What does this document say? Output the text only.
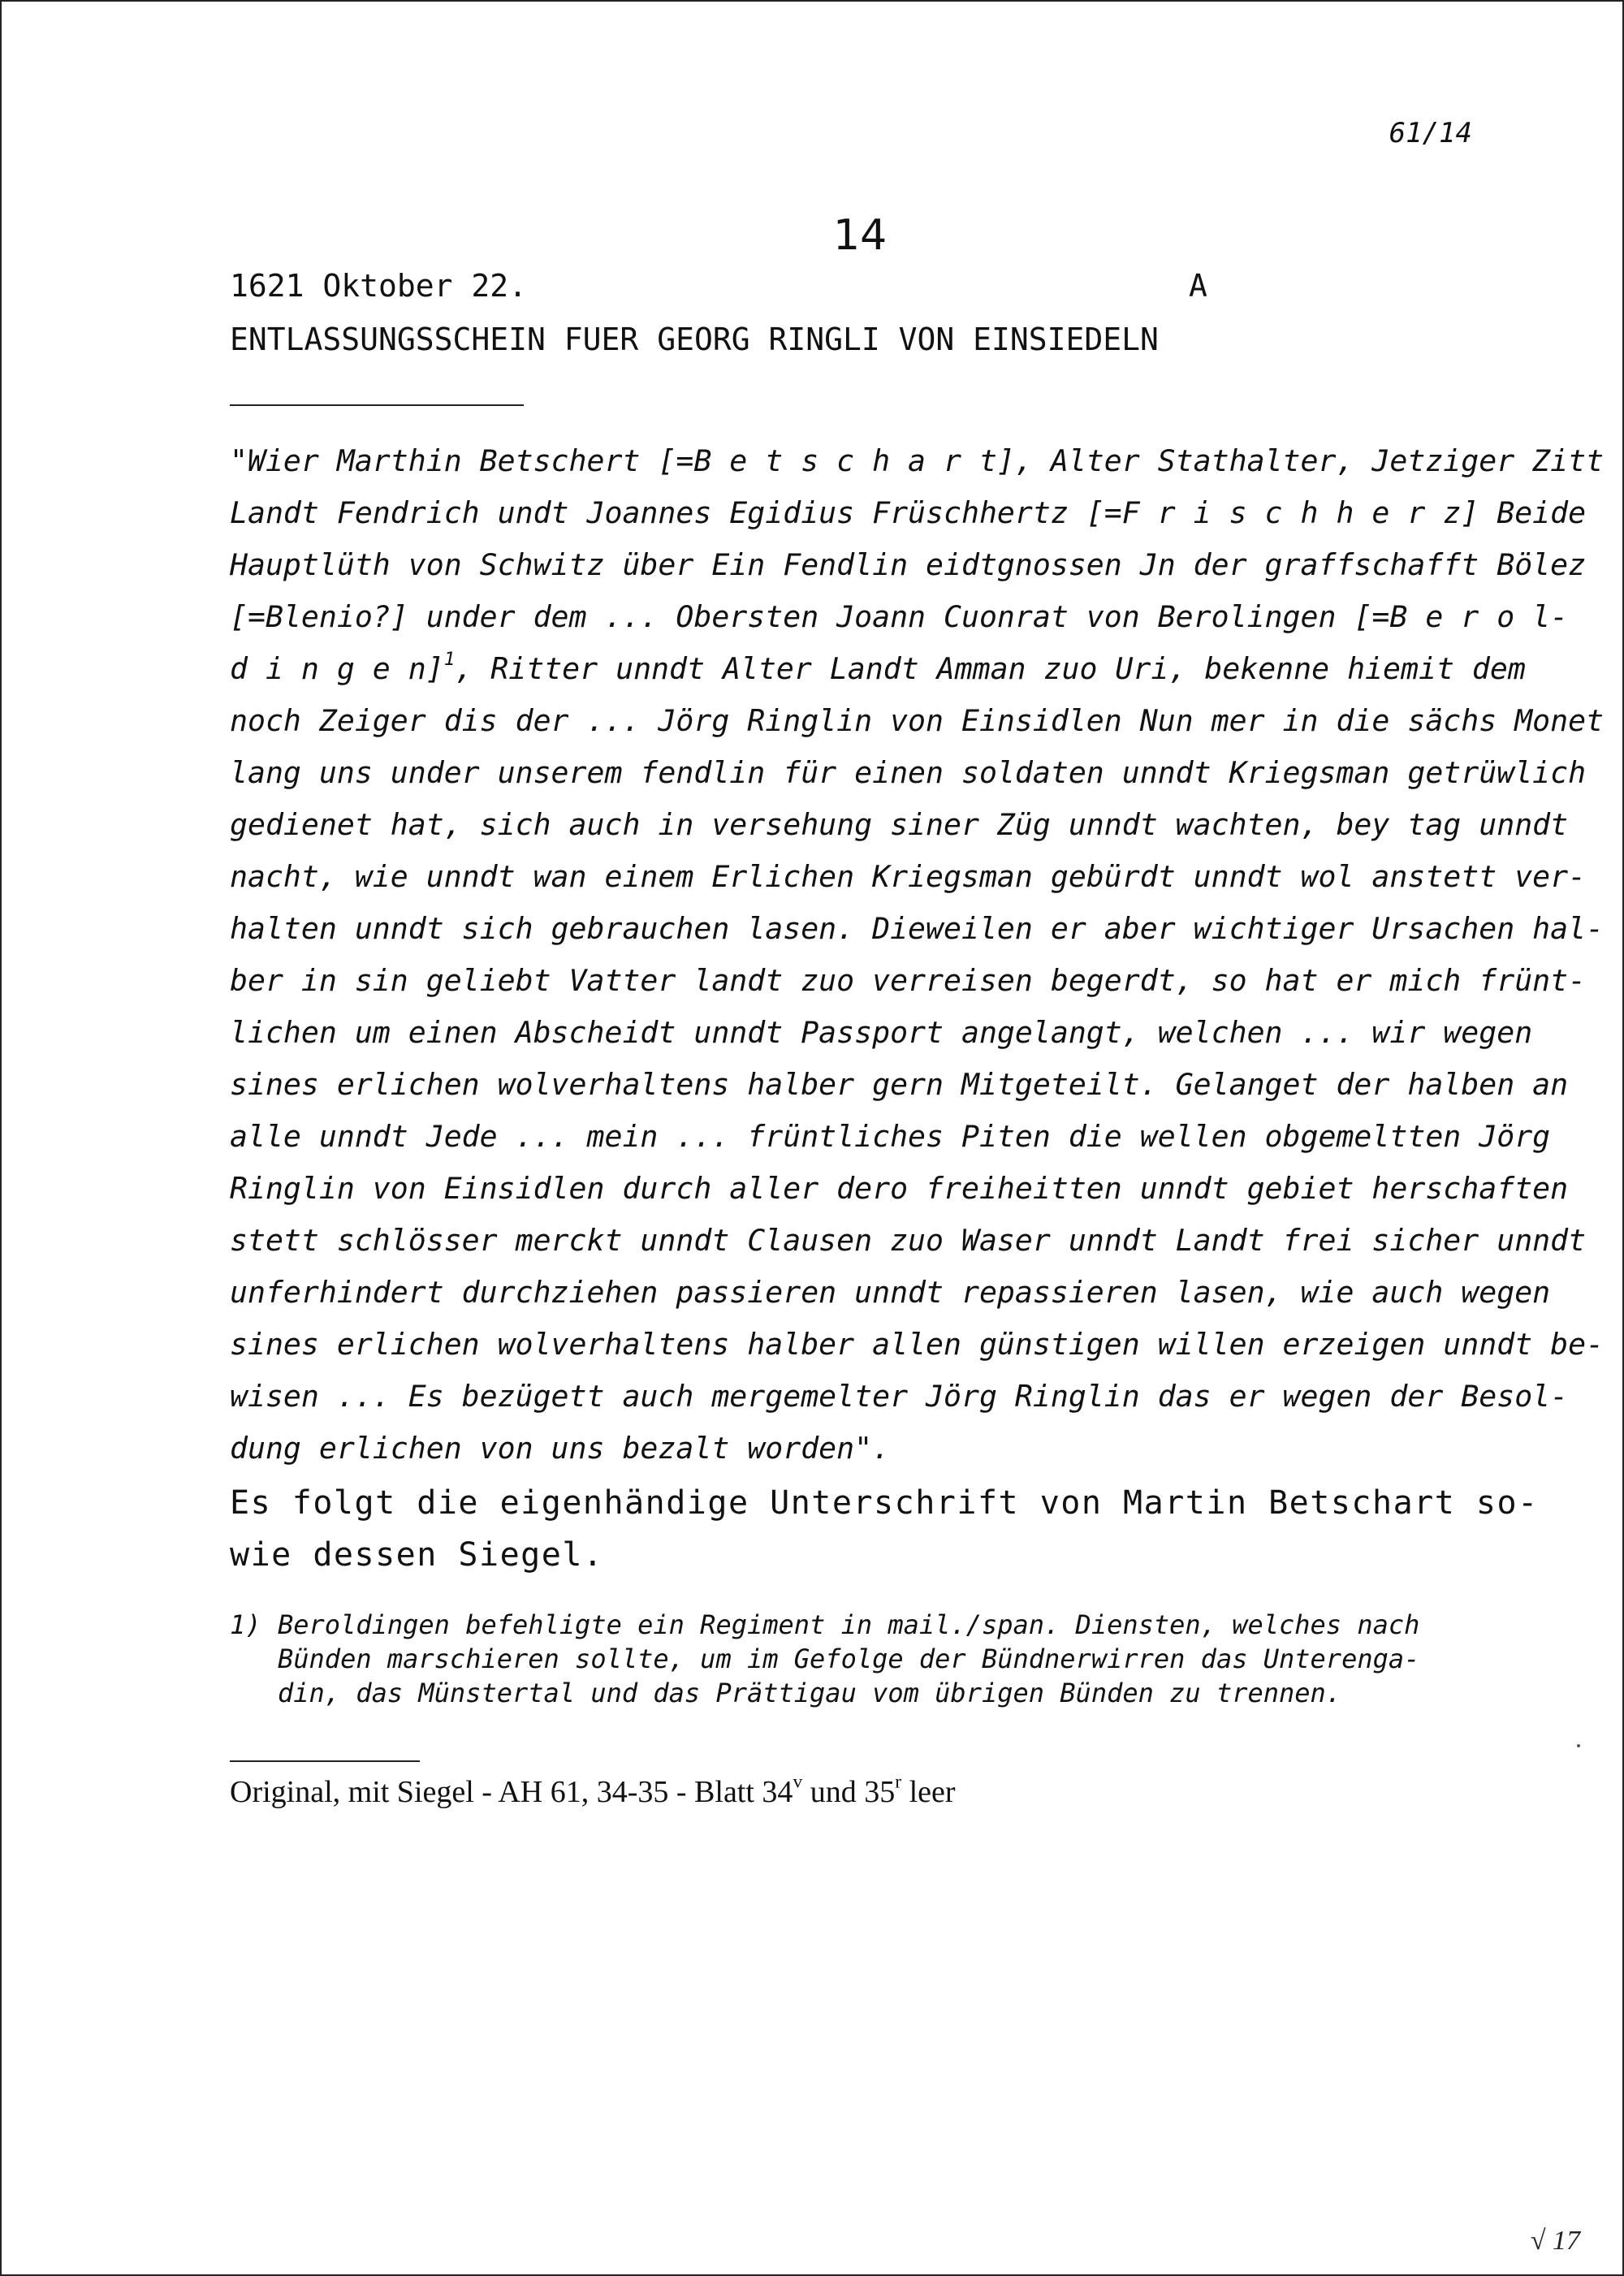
61/14
14
1621 Oktober 22.	A
ENTLASSUNGSSCHEIN FUER GEORG RINGLI VON EINSIEDELN
"Wier Marthin Betschert [=B e t s c h a r t], Alter Stathalter, Jetziger Zitt
Landt Fendrich undt Joannes Egidius Früschhertz [=F r i s c h h e r z] Beide
Hauptlüth von Schwitz über Ein Fendlin eidtgnossen Jn der graffschafft Bölez
[=Blenio?] under dem ... Obersten Joann Cuonrat von Berolingen [=B e r o l-
d i n g e n]$^1$, Ritter unndt Alter Landt Amman zuo Uri, bekenne hiemit dem
noch Zeiger dis der ... Jörg Ringlin von Einsidlen Nun mer in die sächs Monet
lang uns under unserem fendlin für einen soldaten unndt Kriegsman getrüwlich
gedienet hat, sich auch in versehung siner Züg unndt wachten, bey tag unndt
nacht, wie unndt wan einem Erlichen Kriegsman gebürdt unndt wol anstett ver-
halten unndt sich gebrauchen lasen. Dieweilen er aber wichtiger Ursachen hal-
ber in sin geliebt Vatter landt zuo verreisen begerdt, so hat er mich frünt-
lichen um einen Abscheidt unndt Passport angelangt, welchen ... wir wegen
sines erlichen wolverhaltens halber gern Mitgeteilt. Gelanget der halben an
alle unndt Jede ... mein ... früntliches Piten die wellen obgemeltten Jörg
Ringlin von Einsidlen durch aller dero freiheitten unndt gebiet herschaften
stett schlösser merckt unndt Clausen zuo Waser unndt Landt frei sicher unndt
unferhindert durchziehen passieren unndt repassieren lasen, wie auch wegen
sines erlichen wolverhaltens halber allen günstigen willen erzeigen unndt be-
wisen ... Es bezügett auch mergemelter Jörg Ringlin das er wegen der Besol-
dung erlichen von uns bezalt worden".
Es folgt die eigenhändige Unterschrift von Martin Betschart so-
wie dessen Siegel.
1) Beroldingen befehligte ein Regiment in mail./span. Diensten, welches nach
Bünden marschieren sollte, um im Gefolge der Bündnerwirren das Unterenga-
din, das Münstertal und das Prättigau vom übrigen Bünden zu trennen.
Original, mit Siegel - AH 61, 34-35 - Blatt 34$^v$ und 35$^r$ leer
√ 17
